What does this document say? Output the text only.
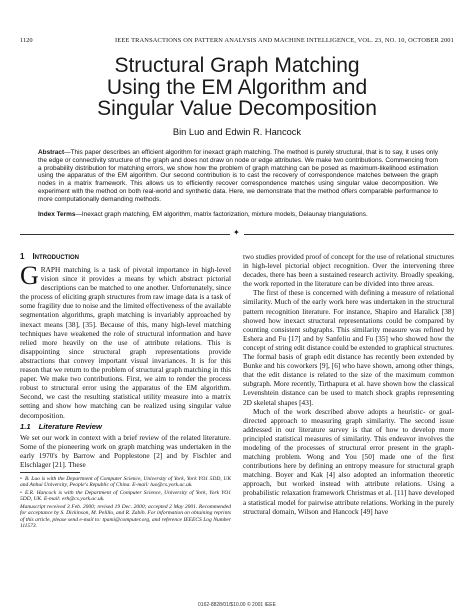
1120	IEEE TRANSACTIONS ON PATTERN ANALYSIS AND MACHINE INTELLIGENCE, VOL. 23, NO. 10, OCTOBER 2001
Structural Graph Matching
Using the EM Algorithm and
Singular Value Decomposition
Bin Luo and Edwin R. Hancock
Abstract—This paper describes an efficient algorithm for inexact graph matching. The method is purely structural, that is to say, it uses only the edge or connectivity structure of the graph and does not draw on node or edge attributes. We make two contributions. Commencing from a probability distribution for matching errors, we show how the problem of graph matching can be posed as maximum-likelihood estimation using the apparatus of the EM algorithm. Our second contribution is to cast the recovery of correspondence matches between the graph nodes in a matrix framework. This allows us to efficiently recover correspondence matches using singular value decomposition. We experiment with the method on both real-world and synthetic data. Here, we demonstrate that the method offers comparable performance to more computationally demanding methods.
Index Terms—Inexact graph matching, EM algorithm, matrix factorization, mixture models, Delaunay triangulations.
✦
1 Introduction

GRAPH matching is a task of pivotal importance in high-level vision since it provides a means by which abstract pictorial descriptions can be matched to one another. Unfortunately, since the process of eliciting graph structures from raw image data is a task of some fragility due to noise and the limited effectiveness of the available segmentation algorithms, graph matching is invariably approached by inexact means [38], [35]. Because of this, many high-level matching techniques have weakened the role of structural information and have relied more heavily on the use of attribute relations. This is disappointing since structural graph representations provide abstractions that convey important visual invariances. It is for this reason that we return to the problem of structural graph matching in this paper. We make two contributions. First, we aim to render the process robust to structural error using the apparatus of the EM algorithm. Second, we cast the resulting statistical utility measure into a matrix setting and show how matching can be realized using singular value decomposition.

1.1 Literature Review

We set our work in context with a brief review of the related literature. Some of the pioneering work on graph matching was undertaken in the early 1970's by Barrow and Popplestone [2] and by Fischler and Elschlager [21]. These

• B. Luo is with the Department of Computer Science, University of York, York YO1 5DD, UK and Anhui University, People's Republic of China. E-mail: luo@cs.york.ac.uk.

• E.R. Hancock is with the Department of Computer Science, University of York, York YO1 5DD, UK. E-mail: erh@cs.york.ac.uk.

Manuscript received 3 Feb. 2000; revised 19 Dec. 2000; accepted 2 May 2001. Recommended for acceptance by S. Dickinson, M. Pelillo, and R. Zabih. For information on obtaining reprints of this article, please send e-mail to: tpami@computer.org, and reference IEEECS Log Number 111573.

two studies provided proof of concept for the use of relational structures in high-level pictorial object recognition. Over the intervening three decades, there has been a sustained research activity. Broadly speaking, the work reported in the literature can be divided into three areas.

The first of these is concerned with defining a measure of relational similarity. Much of the early work here was undertaken in the structural pattern recognition literature. For instance, Shapiro and Haralick [38] showed how inexact structural representations could be compared by counting consistent subgraphs. This similarity measure was refined by Eshera and Fu [17] and by Sanfeliu and Fu [35] who showed how the concept of string edit distance could be extended to graphical structures. The formal basis of graph edit distance has recently been extended by Bunke and his coworkers [9], [6] who have shown, among other things, that the edit distance is related to the size of the maximum common subgraph. More recently, Tirthapura et al. have shown how the classical Levenshtein distance can be used to match shock graphs representing 2D skeletal shapes [43].

Much of the work described above adopts a heuristic- or goal-directed approach to measuring graph similarity. The second issue addressed in our literature survey is that of how to develop more principled statistical measures of similarity. This endeavor involves the modeling of the processes of structural error present in the graph-matching problem. Wong and You [50] made one of the first contributions here by defining an entropy measure for structural graph matching. Boyer and Kak [4] also adopted an information theoretic approach, but worked instead with attribute relations. Using a probabilistic relaxation framework Christmas et al. [11] have developed a statistical model for pairwise attribute relations. Working in the purely structural domain, Wilson and Hancock [49] have

0162-8828/01/$10.00 © 2001 IEEE
